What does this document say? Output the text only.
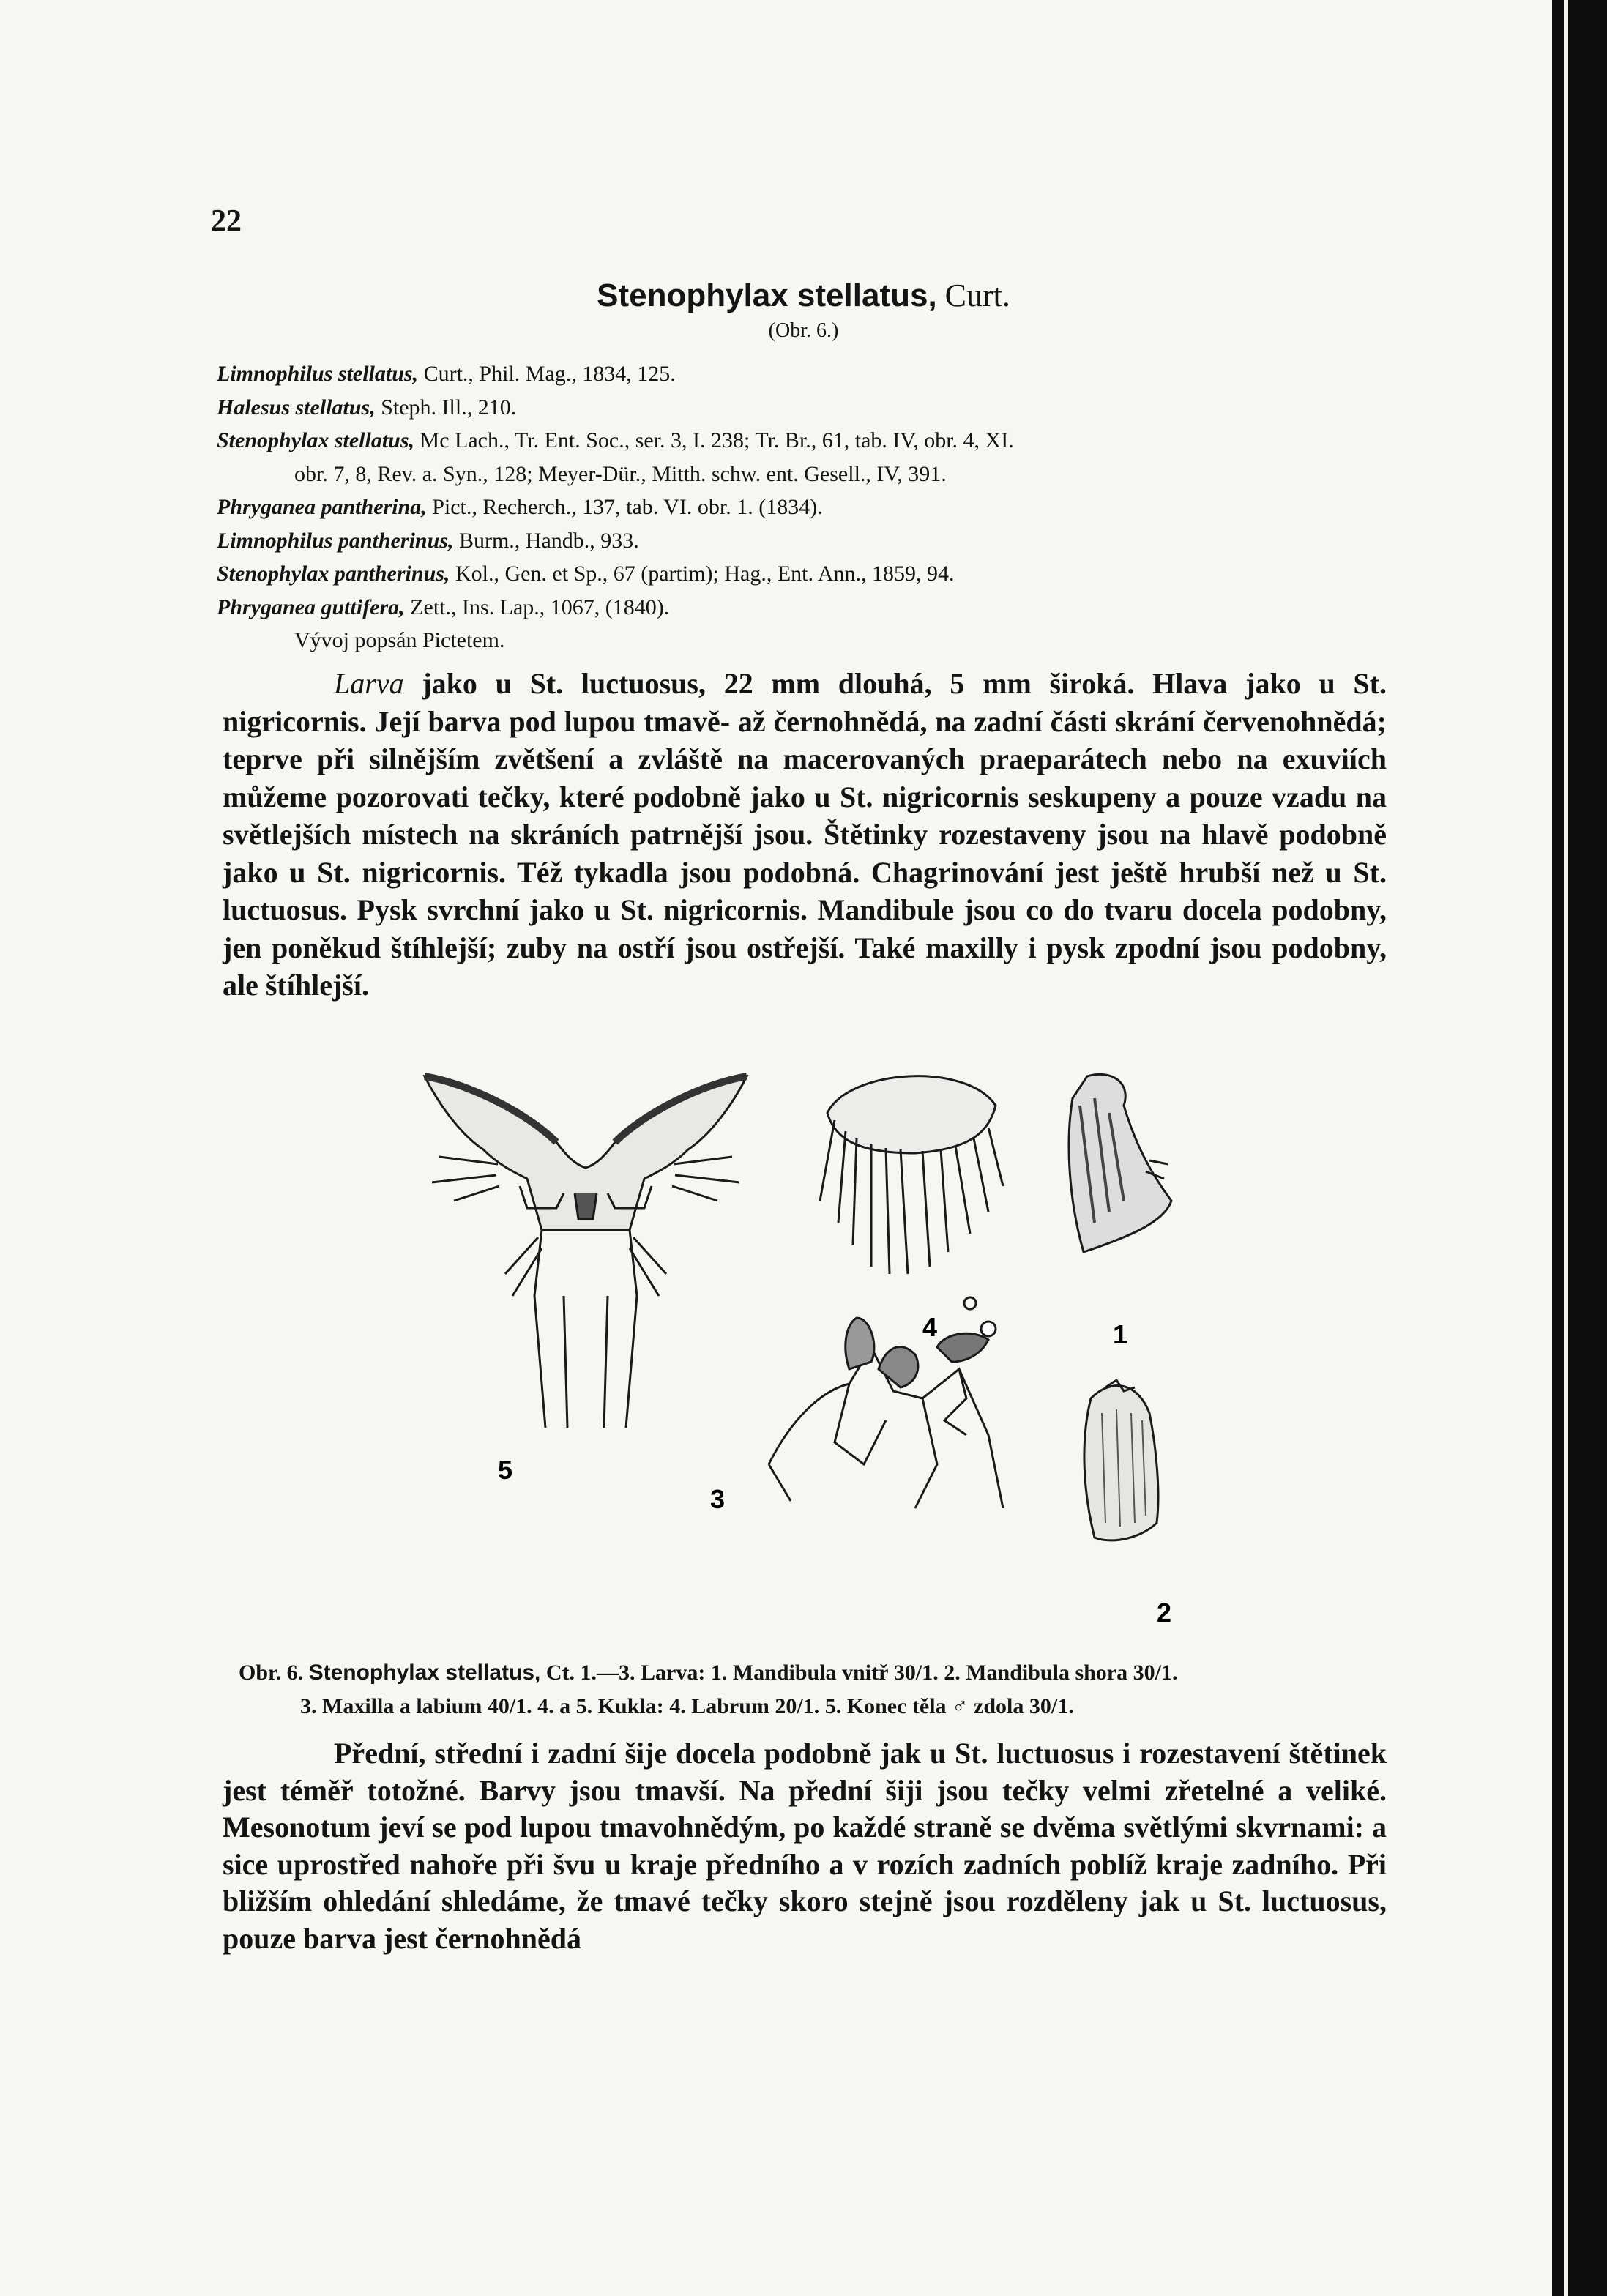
22
Stenophylax stellatus, Curt.
(Obr. 6.)
Limnophilus stellatus, Curt., Phil. Mag., 1834, 125.
Halesus stellatus, Steph. Ill., 210.
Stenophylax stellatus, Mc Lach., Tr. Ent. Soc., ser. 3, I. 238; Tr. Br., 61, tab. IV, obr. 4, XI.
obr. 7, 8, Rev. a. Syn., 128; Meyer-Dür., Mitth. schw. ent. Gesell., IV, 391.
Phryganea pantherina, Pict., Recherch., 137, tab. VI. obr. 1. (1834).
Limnophilus pantherinus, Burm., Handb., 933.
Stenophylax pantherinus, Kol., Gen. et Sp., 67 (partim); Hag., Ent. Ann., 1859, 94.
Phryganea guttifera, Zett., Ins. Lap., 1067, (1840).
Vývoj popsán Pictetem.

Larva jako u St. luctuosus, 22 mm dlouhá, 5 mm široká. Hlava jako u St. nigricornis. Její barva pod lupou tmavě- až černohnědá, na zadní části skrání červenohnědá; teprve při silnějším zvětšení a zvláště na macerovaných praeparátech nebo na exuviích můžeme pozorovati tečky, které podobně jako u St. nigricornis seskupeny a pouze vzadu na světlejších místech na skráních patrnější jsou. Štětinky rozestaveny jsou na hlavě podobně jako u St. nigricornis. Též tykadla jsou podobná. Chagrinování jest ještě hrubší než u St. luctuosus. Pysk svrchní jako u St. nigricornis. Mandibule jsou co do tvaru docela podobny, jen poněkud štíhlejší; zuby na ostří jsou ostřejší. Také maxilly i pysk zpodní jsou podobny, ale štíhlejší.

5
3
4	1
2
Obr. 6. Stenophylax stellatus, Ct. 1.—3. Larva: 1. Mandibula vnitř 30/1. 2. Mandibula shora 30/1.
3. Maxilla a labium 40/1. 4. a 5. Kukla: 4. Labrum 20/1. 5. Konec těla ♂ zdola 30/1.

Přední, střední i zadní šije docela podobně jak u St. luctuosus i rozestavení štětinek jest téměř totožné. Barvy jsou tmavší. Na přední šiji jsou tečky velmi zřetelné a veliké. Mesonotum jeví se pod lupou tmavohnědým, po každé straně se dvěma světlými skvrnami: a sice uprostřed nahoře při švu u kraje předního a v rozích zadních poblíž kraje zadního. Při bližším ohledání shledáme, že tmavé tečky skoro stejně jsou rozděleny jak u St. luctuosus, pouze barva jest černohnědá
